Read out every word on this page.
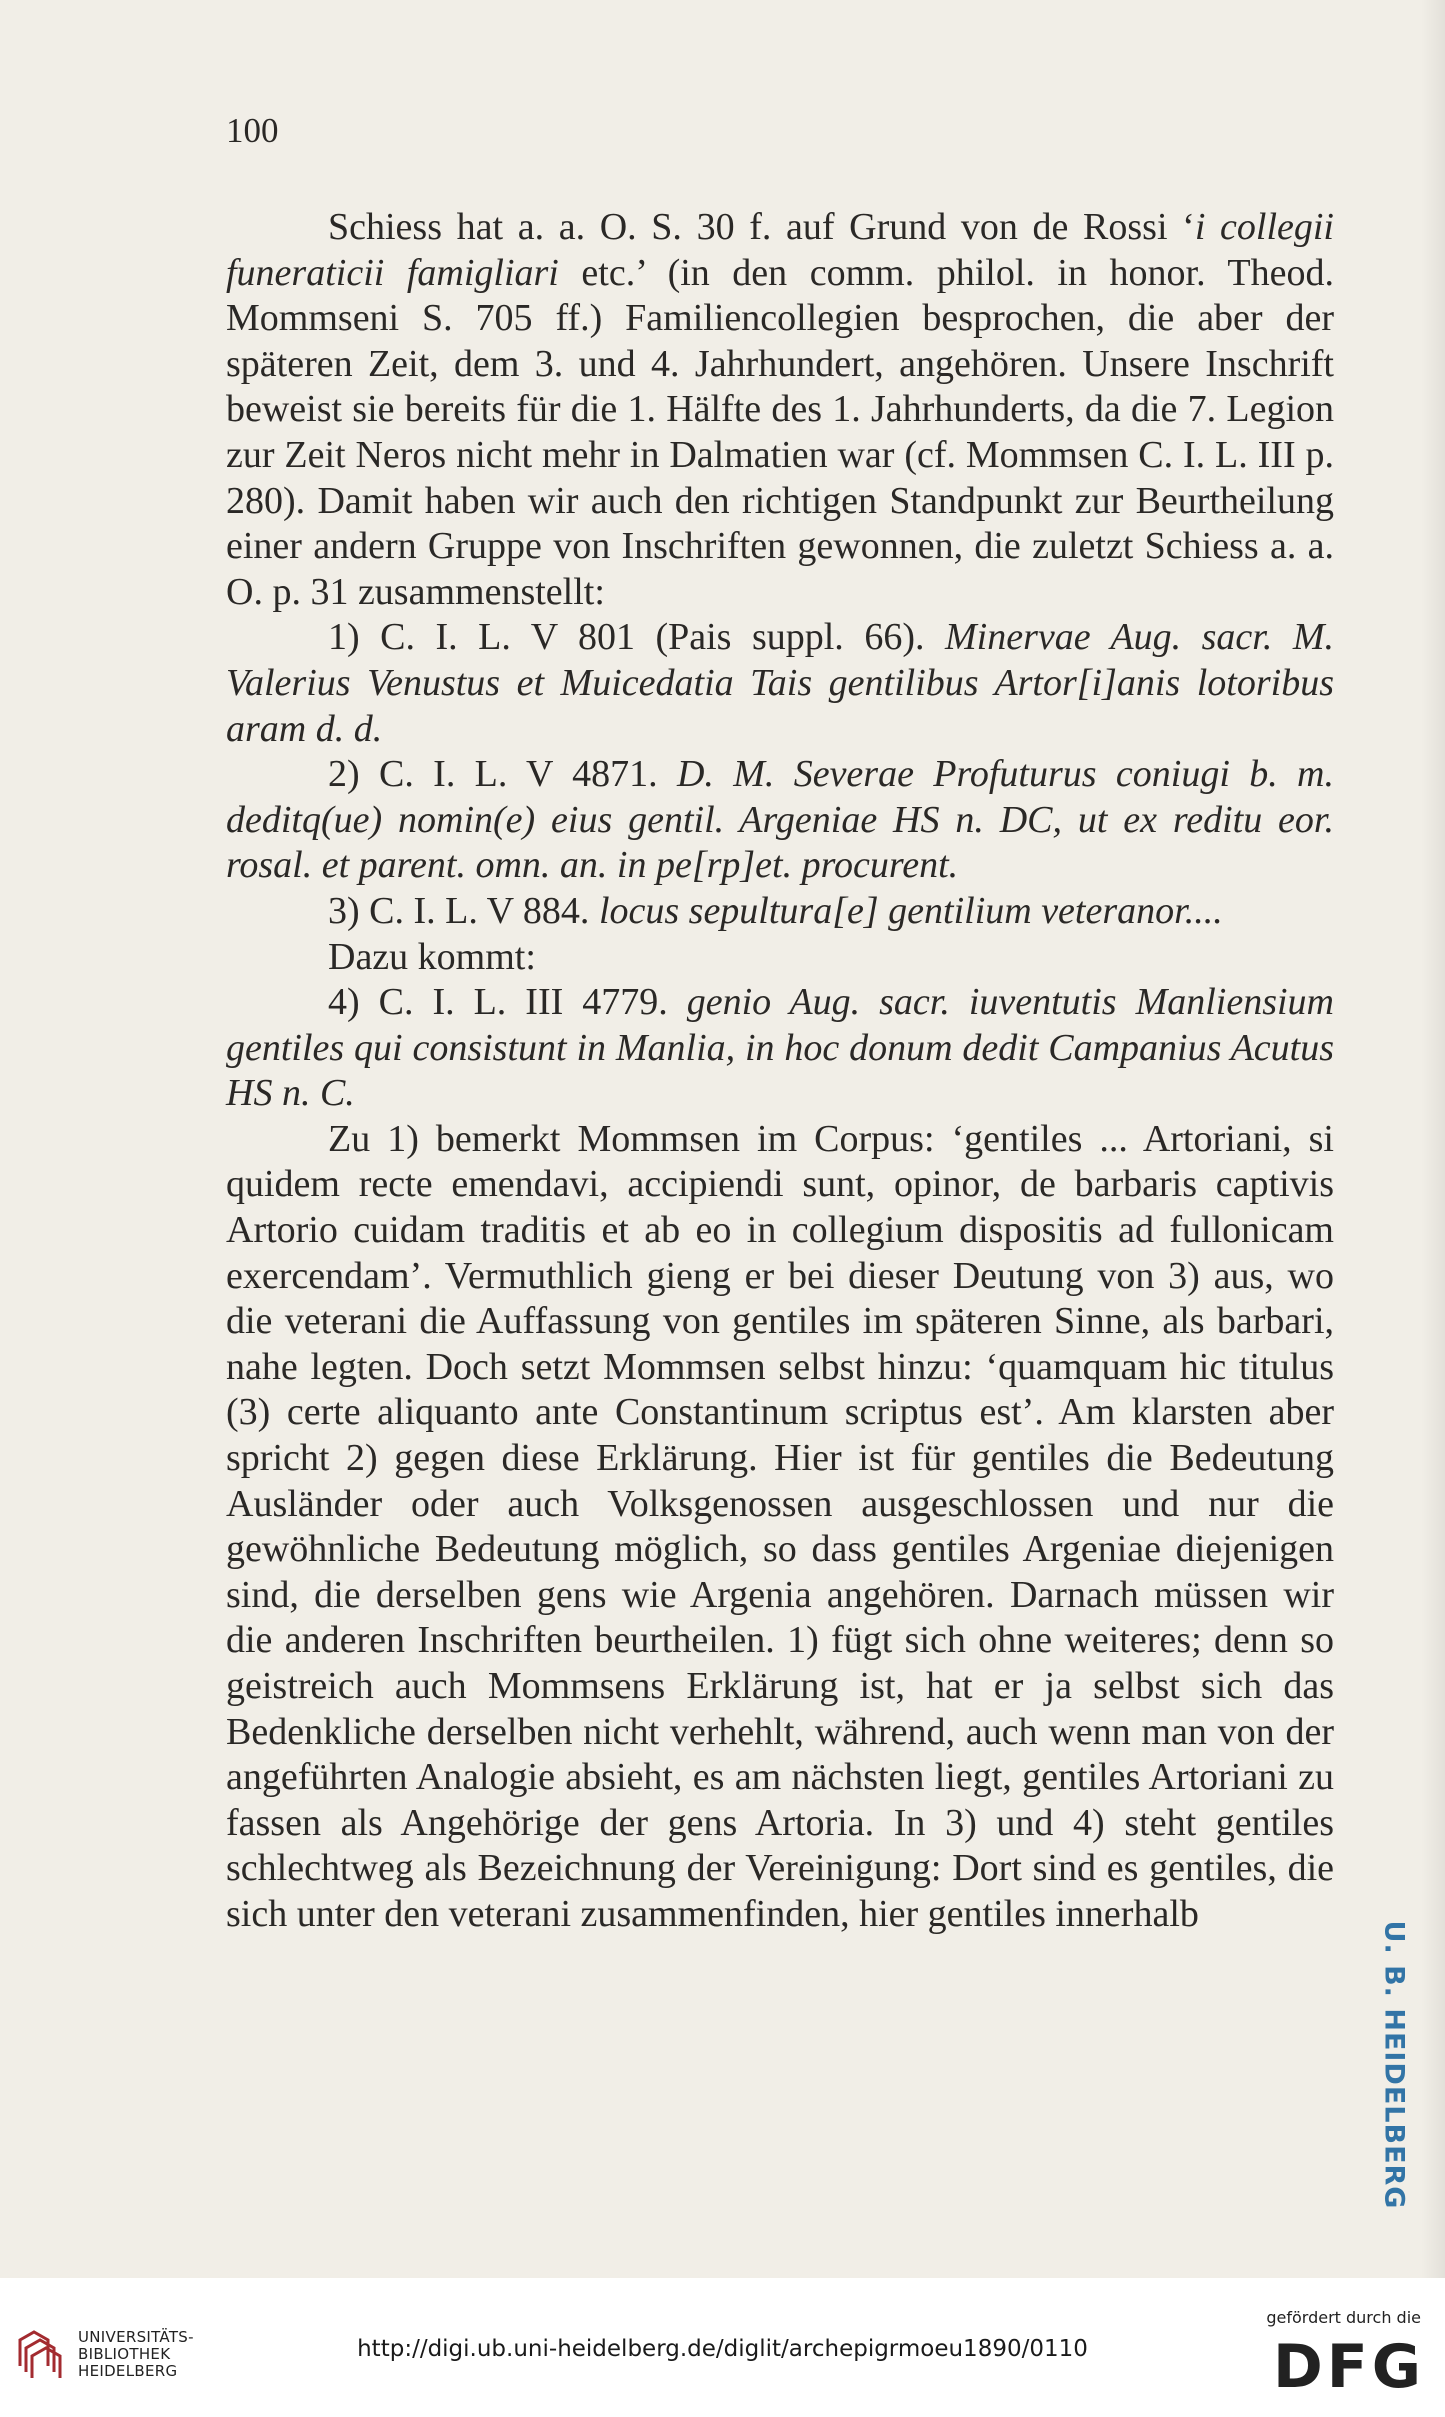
100

Schiess hat a. a. O. S. 30 f. auf Grund von de Rossi ‘i collegii funeraticii famigliari etc.’ (in den comm. philol. in honor. Theod. Mommseni S. 705 ff.) Familiencollegien besprochen, die aber der späteren Zeit, dem 3. und 4. Jahrhundert, angehören. Unsere Inschrift beweist sie bereits für die 1. Hälfte des 1. Jahrhunderts, da die 7. Legion zur Zeit Neros nicht mehr in Dalmatien war (cf. Mommsen C. I. L. III p. 280). Damit haben wir auch den richtigen Standpunkt zur Beurtheilung einer andern Gruppe von Inschriften gewonnen, die zuletzt Schiess a. a. O. p. 31 zusammenstellt:

1) C. I. L. V 801 (Pais suppl. 66). Minervae Aug. sacr. M. Valerius Venustus et Muicedatia Tais gentilibus Artor[i]anis lotoribus aram d. d.

2) C. I. L. V 4871. D. M. Severae Profuturus coniugi b. m. deditq(ue) nomin(e) eius gentil. Argeniae HS n. DC, ut ex reditu eor. rosal. et parent. omn. an. in pe[rp]et. procurent.

3) C. I. L. V 884. locus sepultura[e] gentilium veteranor....

Dazu kommt:

4) C. I. L. III 4779. genio Aug. sacr. iuventutis Manliensium gentiles qui consistunt in Manlia, in hoc donum dedit Campanius Acutus HS n. C.

Zu 1) bemerkt Mommsen im Corpus: ‘gentiles ... Artoriani, si quidem recte emendavi, accipiendi sunt, opinor, de barbaris captivis Artorio cuidam traditis et ab eo in collegium dispositis ad fullonicam exercendam’. Vermuthlich gieng er bei dieser Deutung von 3) aus, wo die veterani die Auffassung von gentiles im späteren Sinne, als barbari, nahe legten. Doch setzt Mommsen selbst hinzu: ‘quamquam hic titulus (3) certe aliquanto ante Constantinum scriptus est’. Am klarsten aber spricht 2) gegen diese Erklärung. Hier ist für gentiles die Bedeutung Ausländer oder auch Volksgenossen ausgeschlossen und nur die gewöhnliche Bedeutung möglich, so dass gentiles Argeniae diejenigen sind, die derselben gens wie Argenia angehören. Darnach müssen wir die anderen Inschriften beurtheilen. 1) fügt sich ohne weiteres; denn so geistreich auch Mommsens Erklärung ist, hat er ja selbst sich das Bedenkliche derselben nicht verhehlt, während, auch wenn man von der angeführten Analogie absieht, es am nächsten liegt, gentiles Artoriani zu fassen als Angehörige der gens Artoria. In 3) und 4) steht gentiles schlechtweg als Bezeichnung der Vereinigung: Dort sind es gentiles, die sich unter den veterani zusammenfinden, hier gentiles innerhalb

U. B. HEIDELBERG
UNIVERSITÄTS-
BIBLIOTHEK
HEIDELBERG
http://digi.ub.uni-heidelberg.de/diglit/archepigrmoeu1890/0110
gefördert durch die
DFG
